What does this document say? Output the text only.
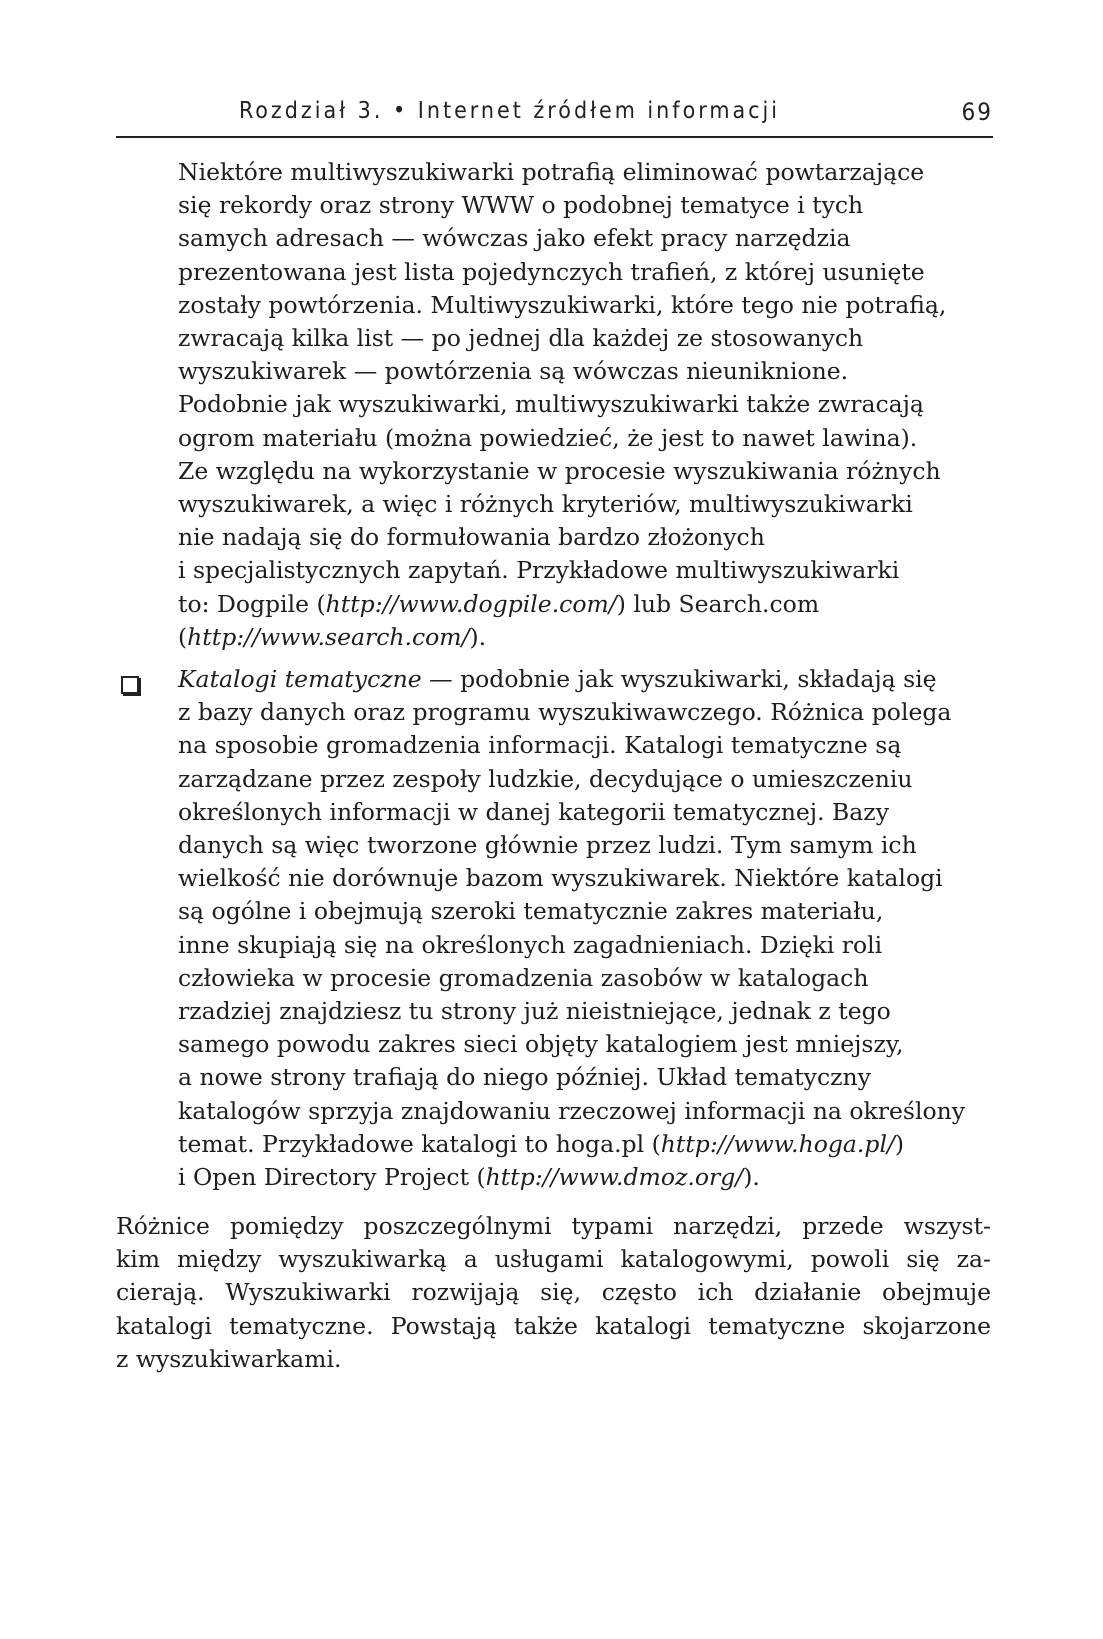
Rozdział 3. • Internet źródłem informacji	69
Niektóre multiwyszukiwarki potrafią eliminować powtarzające
się rekordy oraz strony WWW o podobnej tematyce i tych
samych adresach — wówczas jako efekt pracy narzędzia
prezentowana jest lista pojedynczych trafień, z której usunięte
zostały powtórzenia. Multiwyszukiwarki, które tego nie potrafią,
zwracają kilka list — po jednej dla każdej ze stosowanych
wyszukiwarek — powtórzenia są wówczas nieuniknione.
Podobnie jak wyszukiwarki, multiwyszukiwarki także zwracają
ogrom materiału (można powiedzieć, że jest to nawet lawina).
Ze względu na wykorzystanie w procesie wyszukiwania różnych
wyszukiwarek, a więc i różnych kryteriów, multiwyszukiwarki
nie nadają się do formułowania bardzo złożonych
i specjalistycznych zapytań. Przykładowe multiwyszukiwarki
to: Dogpile (http://www.dogpile.com/) lub Search.com
(http://www.search.com/).
Katalogi tematyczne — podobnie jak wyszukiwarki, składają się
z bazy danych oraz programu wyszukiwawczego. Różnica polega
na sposobie gromadzenia informacji. Katalogi tematyczne są
zarządzane przez zespoły ludzkie, decydujące o umieszczeniu
określonych informacji w danej kategorii tematycznej. Bazy
danych są więc tworzone głównie przez ludzi. Tym samym ich
wielkość nie dorównuje bazom wyszukiwarek. Niektóre katalogi
są ogólne i obejmują szeroki tematycznie zakres materiału,
inne skupiają się na określonych zagadnieniach. Dzięki roli
człowieka w procesie gromadzenia zasobów w katalogach
rzadziej znajdziesz tu strony już nieistniejące, jednak z tego
samego powodu zakres sieci objęty katalogiem jest mniejszy,
a nowe strony trafiają do niego później. Układ tematyczny
katalogów sprzyja znajdowaniu rzeczowej informacji na określony
temat. Przykładowe katalogi to hoga.pl (http://www.hoga.pl/)
i Open Directory Project (http://www.dmoz.org/).
Różnice pomiędzy poszczególnymi typami narzędzi, przede wszyst-
kim między wyszukiwarką a usługami katalogowymi, powoli się za-
cierają. Wyszukiwarki rozwijają się, często ich działanie obejmuje
katalogi tematyczne. Powstają także katalogi tematyczne skojarzone
z wyszukiwarkami.
